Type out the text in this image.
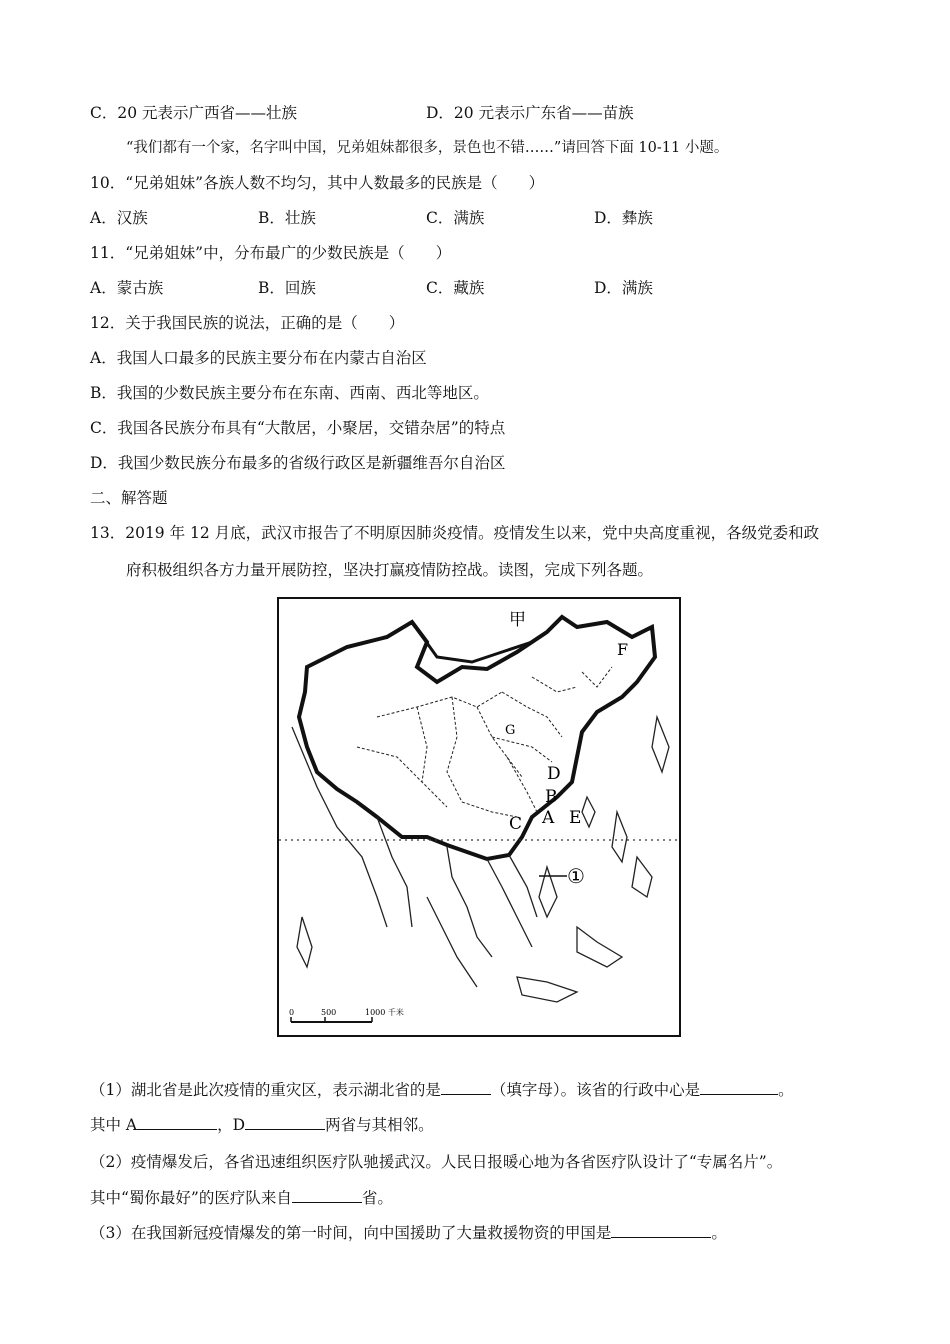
C．20 元表示广西省——壮族	D．20 元表示广东省——苗族
“我们都有一个家，名字叫中国，兄弟姐妹都很多，景色也不错……”请回答下面 10-11 小题。
10．“兄弟姐妹”各族人数不均匀，其中人数最多的民族是（　　）
A．汉族	B．壮族	C．满族	D．彝族
11．“兄弟姐妹”中，分布最广的少数民族是（　　）
A．蒙古族	B．回族	C．藏族	D．满族
12．关于我国民族的说法，正确的是（　　）
A．我国人口最多的民族主要分布在内蒙古自治区
B．我国的少数民族主要分布在东南、西南、西北等地区。
C．我国各民族分布具有“大散居，小聚居，交错杂居”的特点
D．我国少数民族分布最多的省级行政区是新疆维吾尔自治区
二、解答题
13．2019 年 12 月底，武汉市报告了不明原因肺炎疫情。疫情发生以来，党中央高度重视，各级党委和政
府积极组织各方力量开展防控，坚决打赢疫情防控战。读图，完成下列各题。
甲
F
G
D
B
A E
C
①
0	500	1000 千米
（1）湖北省是此次疫情的重灾区，表示湖北省的是	（填字母）。该省的行政中心是	。
其中 A	，D	两省与其相邻。
（2）疫情爆发后，各省迅速组织医疗队驰援武汉。人民日报暖心地为各省医疗队设计了“专属名片”。
其中“蜀你最好”的医疗队来自	省。
（3）在我国新冠疫情爆发的第一时间，向中国援助了大量救援物资的甲国是	。
